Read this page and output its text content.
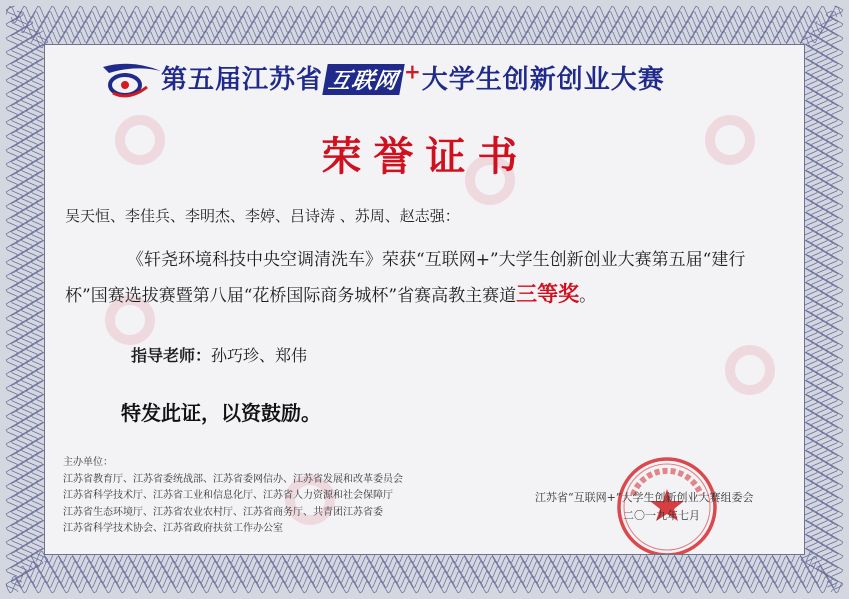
第五届江苏省 互联网 +大学生创新创业大赛
荣誉证书
吴天恒、李佳兵、李明杰、李婷、吕诗涛 、苏周、赵志强：
《轩尧环境科技中央空调清洗车》荣获“互联网+”大学生创新创业大赛第五届“建行杯”国赛选拔赛暨第八届“花桥国际商务城杯”省赛高教主赛道三等奖。
指导老师：孙巧珍、郑伟
特发此证，以资鼓励。
主办单位：
江苏省教育厅、江苏省委统战部、江苏省委网信办、江苏省发展和改革委员会
江苏省科学技术厅、江苏省工业和信息化厅、江苏省人力资源和社会保障厅
江苏省生态环境厅、江苏省农业农村厅、江苏省商务厅、共青团江苏省委
江苏省科学技术协会、江苏省政府扶贫工作办公室
江苏省“互联网+”大学生创新创业大赛组委会
二〇一九年七月
